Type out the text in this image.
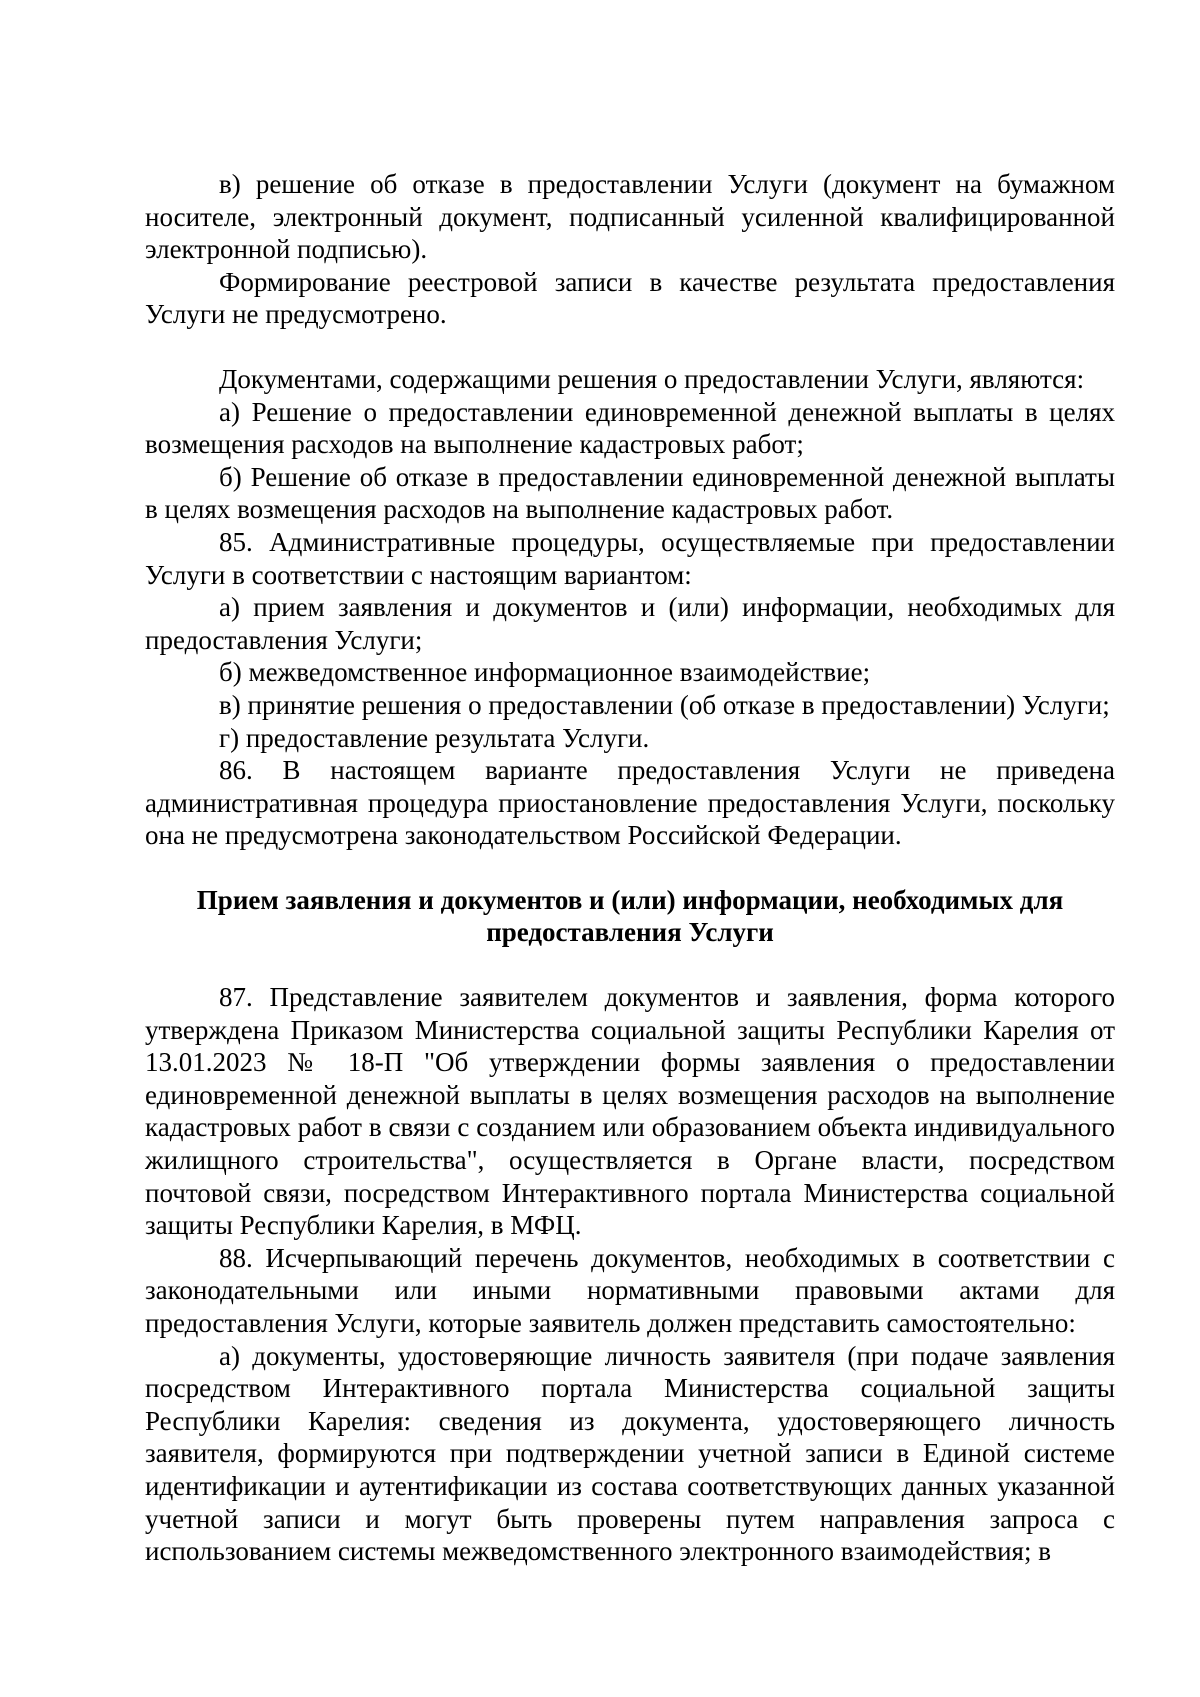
в) решение об отказе в предоставлении Услуги (документ на бумажном носителе, электронный документ, подписанный усиленной квалифицированной электронной подписью).

Формирование реестровой записи в качестве результата предоставления Услуги не предусмотрено.

Документами, содержащими решения о предоставлении Услуги, являются:

а) Решение о предоставлении единовременной денежной выплаты в целях возмещения расходов на выполнение кадастровых работ;

б) Решение об отказе в предоставлении единовременной денежной выплаты в целях возмещения расходов на выполнение кадастровых работ.

85. Административные процедуры, осуществляемые при предоставлении Услуги в соответствии с настоящим вариантом:

а) прием заявления и документов и (или) информации, необходимых для предоставления Услуги;

б) межведомственное информационное взаимодействие;

в) принятие решения о предоставлении (об отказе в предоставлении) Услуги;

г) предоставление результата Услуги.

86. В настоящем варианте предоставления Услуги не приведена административная процедура приостановление предоставления Услуги, поскольку она не предусмотрена законодательством Российской Федерации.

Прием заявления и документов и (или) информации, необходимых для
предоставления Услуги

87. Представление заявителем документов и заявления, форма которого утверждена Приказом Министерства социальной защиты Республики Карелия от 13.01.2023 № 18-П "Об утверждении формы заявления о предоставлении единовременной денежной выплаты в целях возмещения расходов на выполнение кадастровых работ в связи с созданием или образованием объекта индивидуального жилищного строительства", осуществляется в Органе власти, посредством почтовой связи, посредством Интерактивного портала Министерства социальной защиты Республики Карелия, в МФЦ.

88. Исчерпывающий перечень документов, необходимых в соответствии с законодательными или иными нормативными правовыми актами для предоставления Услуги, которые заявитель должен представить самостоятельно:

а) документы, удостоверяющие личность заявителя (при подаче заявления посредством Интерактивного портала Министерства социальной защиты Республики Карелия: сведения из документа, удостоверяющего личность заявителя, формируются при подтверждении учетной записи в Единой системе идентификации и аутентификации из состава соответствующих данных указанной учетной записи и могут быть проверены путем направления запроса с использованием системы межведомственного электронного взаимодействия; в
